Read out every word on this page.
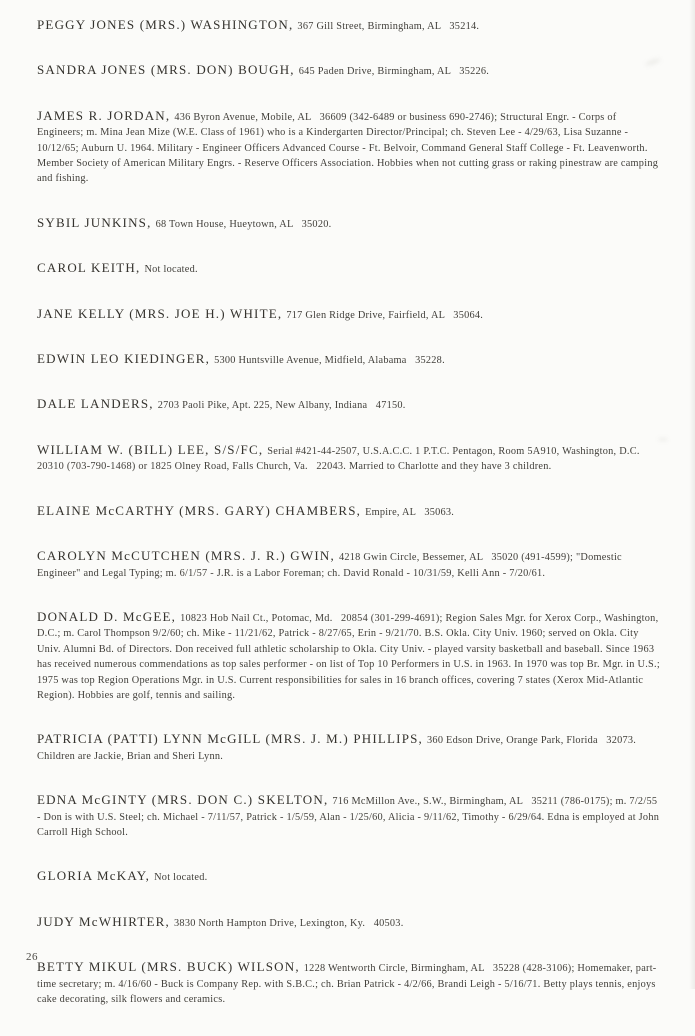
PEGGY JONES (MRS.) WASHINGTON, 367 Gill Street, Birmingham, AL   35214.

SANDRA JONES (MRS. DON) BOUGH, 645 Paden Drive, Birmingham, AL   35226.

JAMES R. JORDAN, 436 Byron Avenue, Mobile, AL   36609 (342-6489 or business 690-2746); Structural Engr. - Corps of Engineers; m. Mina Jean Mize (W.E. Class of 1961) who is a Kindergarten Director/Principal; ch. Steven Lee - 4/29/63, Lisa Suzanne - 10/12/65; Auburn U. 1964. Military - Engineer Officers Advanced Course - Ft. Belvoir, Command General Staff College - Ft. Leavenworth. Member Society of American Military Engrs. - Reserve Officers Association. Hobbies when not cutting grass or raking pinestraw are camping and fishing.

SYBIL JUNKINS, 68 Town House, Hueytown, AL   35020.

CAROL KEITH, Not located.

JANE KELLY (MRS. JOE H.) WHITE, 717 Glen Ridge Drive, Fairfield, AL   35064.

EDWIN LEO KIEDINGER, 5300 Huntsville Avenue, Midfield, Alabama   35228.

DALE LANDERS, 2703 Paoli Pike, Apt. 225, New Albany, Indiana   47150.

WILLIAM W. (BILL) LEE, S/S/FC, Serial #421-44-2507, U.S.A.C.C. 1 P.T.C. Pentagon, Room 5A910, Washington, D.C.   20310 (703-790-1468) or 1825 Olney Road, Falls Church, Va.   22043. Married to Charlotte and they have 3 children.

ELAINE McCARTHY (MRS. GARY) CHAMBERS, Empire, AL   35063.

CAROLYN McCUTCHEN (MRS. J. R.) GWIN, 4218 Gwin Circle, Bessemer, AL   35020 (491-4599); "Domestic Engineer" and Legal Typing; m. 6/1/57 - J.R. is a Labor Foreman; ch. David Ronald - 10/31/59, Kelli Ann - 7/20/61.

DONALD D. McGEE, 10823 Hob Nail Ct., Potomac, Md.   20854 (301-299-4691); Region Sales Mgr. for Xerox Corp., Washington, D.C.; m. Carol Thompson 9/2/60; ch. Mike - 11/21/62, Patrick - 8/27/65, Erin - 9/21/70. B.S. Okla. City Univ. 1960; served on Okla. City Univ. Alumni Bd. of Directors. Don received full athletic scholarship to Okla. City Univ. - played varsity basketball and baseball. Since 1963 has received numerous commendations as top sales performer - on list of Top 10 Performers in U.S. in 1963. In 1970 was top Br. Mgr. in U.S.; 1975 was top Region Operations Mgr. in U.S. Current responsibilities for sales in 16 branch offices, covering 7 states (Xerox Mid-Atlantic Region). Hobbies are golf, tennis and sailing.

PATRICIA (PATTI) LYNN McGILL (MRS. J. M.) PHILLIPS, 360 Edson Drive, Orange Park, Florida   32073. Children are Jackie, Brian and Sheri Lynn.

EDNA McGINTY (MRS. DON C.) SKELTON, 716 McMillon Ave., S.W., Birmingham, AL   35211 (786-0175); m. 7/2/55 - Don is with U.S. Steel; ch. Michael - 7/11/57, Patrick - 1/5/59, Alan - 1/25/60, Alicia - 9/11/62, Timothy - 6/29/64. Edna is employed at John Carroll High School.

GLORIA McKAY, Not located.

JUDY McWHIRTER, 3830 North Hampton Drive, Lexington, Ky.   40503.

BETTY MIKUL (MRS. BUCK) WILSON, 1228 Wentworth Circle, Birmingham, AL   35228 (428-3106); Homemaker, part-time secretary; m. 4/16/60 - Buck is Company Rep. with S.B.C.; ch. Brian Patrick - 4/2/66, Brandi Leigh - 5/16/71. Betty plays tennis, enjoys cake decorating, silk flowers and ceramics.

26
